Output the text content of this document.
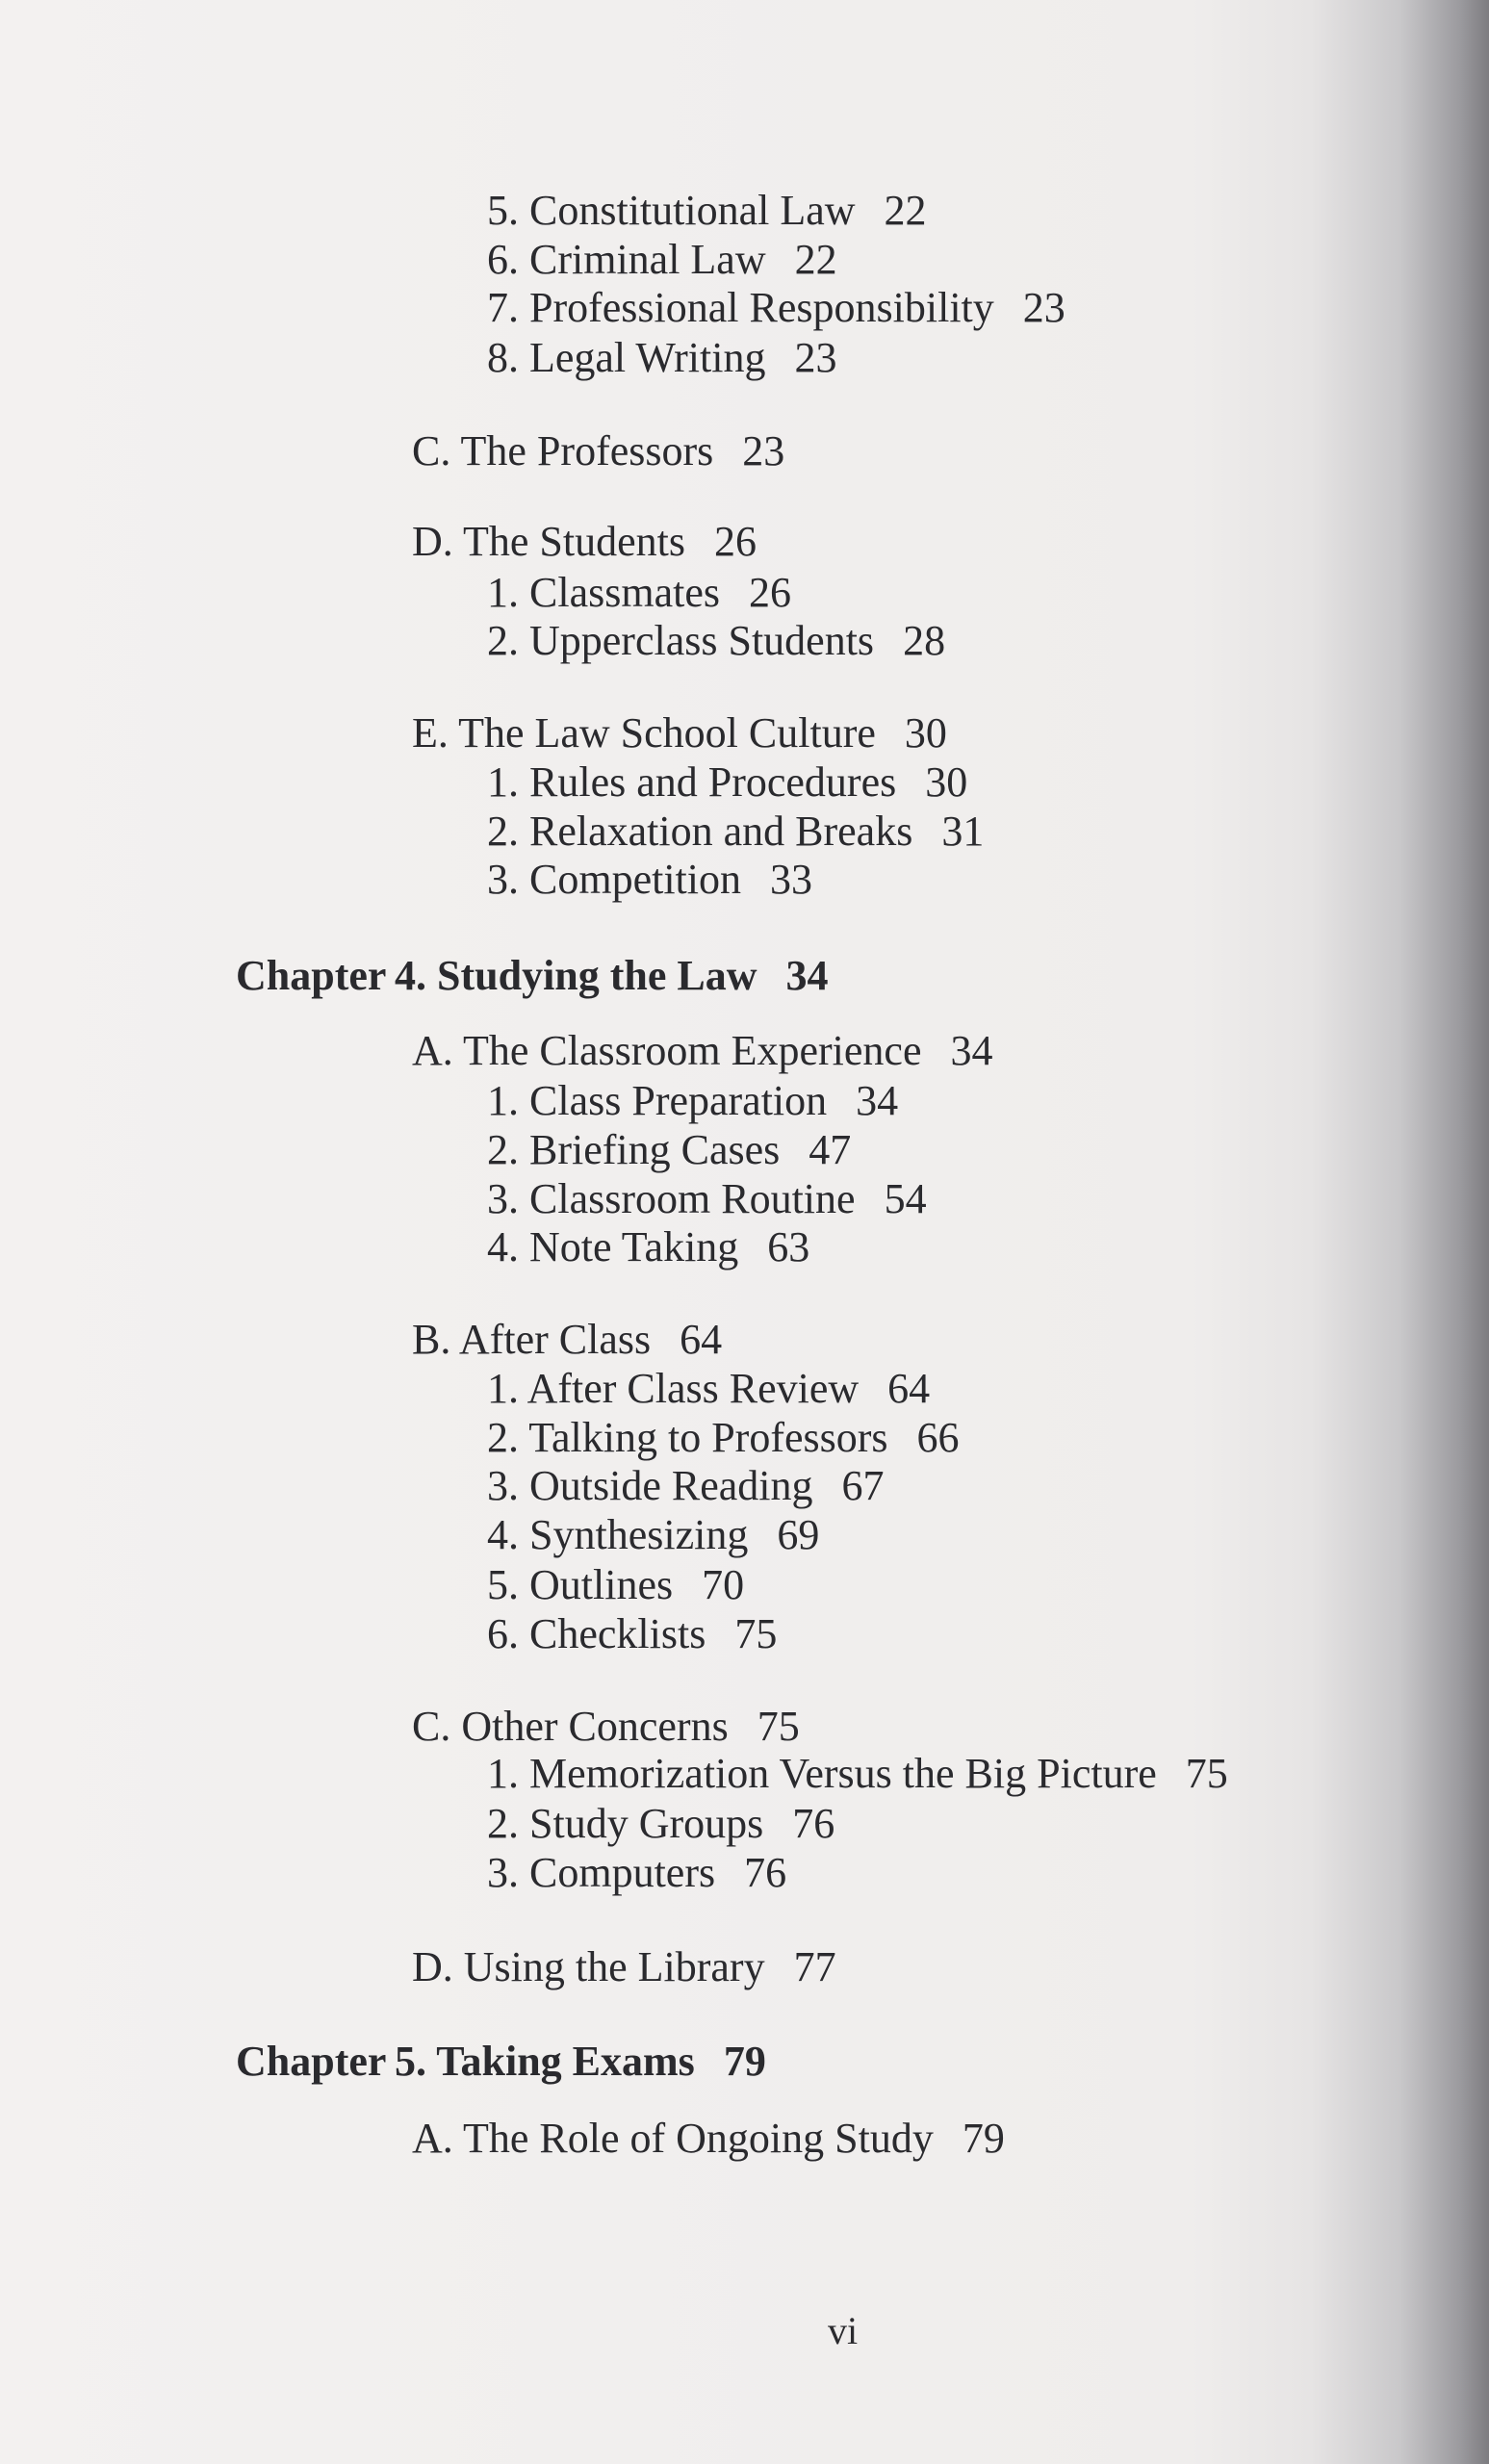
5. Constitutional Law 22
6. Criminal Law 22
7. Professional Responsibility 23
8. Legal Writing 23
C. The Professors 23
D. The Students 26
1. Classmates 26
2. Upperclass Students 28
E. The Law School Culture 30
1. Rules and Procedures 30
2. Relaxation and Breaks 31
3. Competition 33
Chapter 4. Studying the Law 34
A. The Classroom Experience 34
1. Class Preparation 34
2. Briefing Cases 47
3. Classroom Routine 54
4. Note Taking 63
B. After Class 64
1. After Class Review 64
2. Talking to Professors 66
3. Outside Reading 67
4. Synthesizing 69
5. Outlines 70
6. Checklists 75
C. Other Concerns 75
1. Memorization Versus the Big Picture 75
2. Study Groups 76
3. Computers 76
D. Using the Library 77
Chapter 5. Taking Exams 79
A. The Role of Ongoing Study 79
vi
